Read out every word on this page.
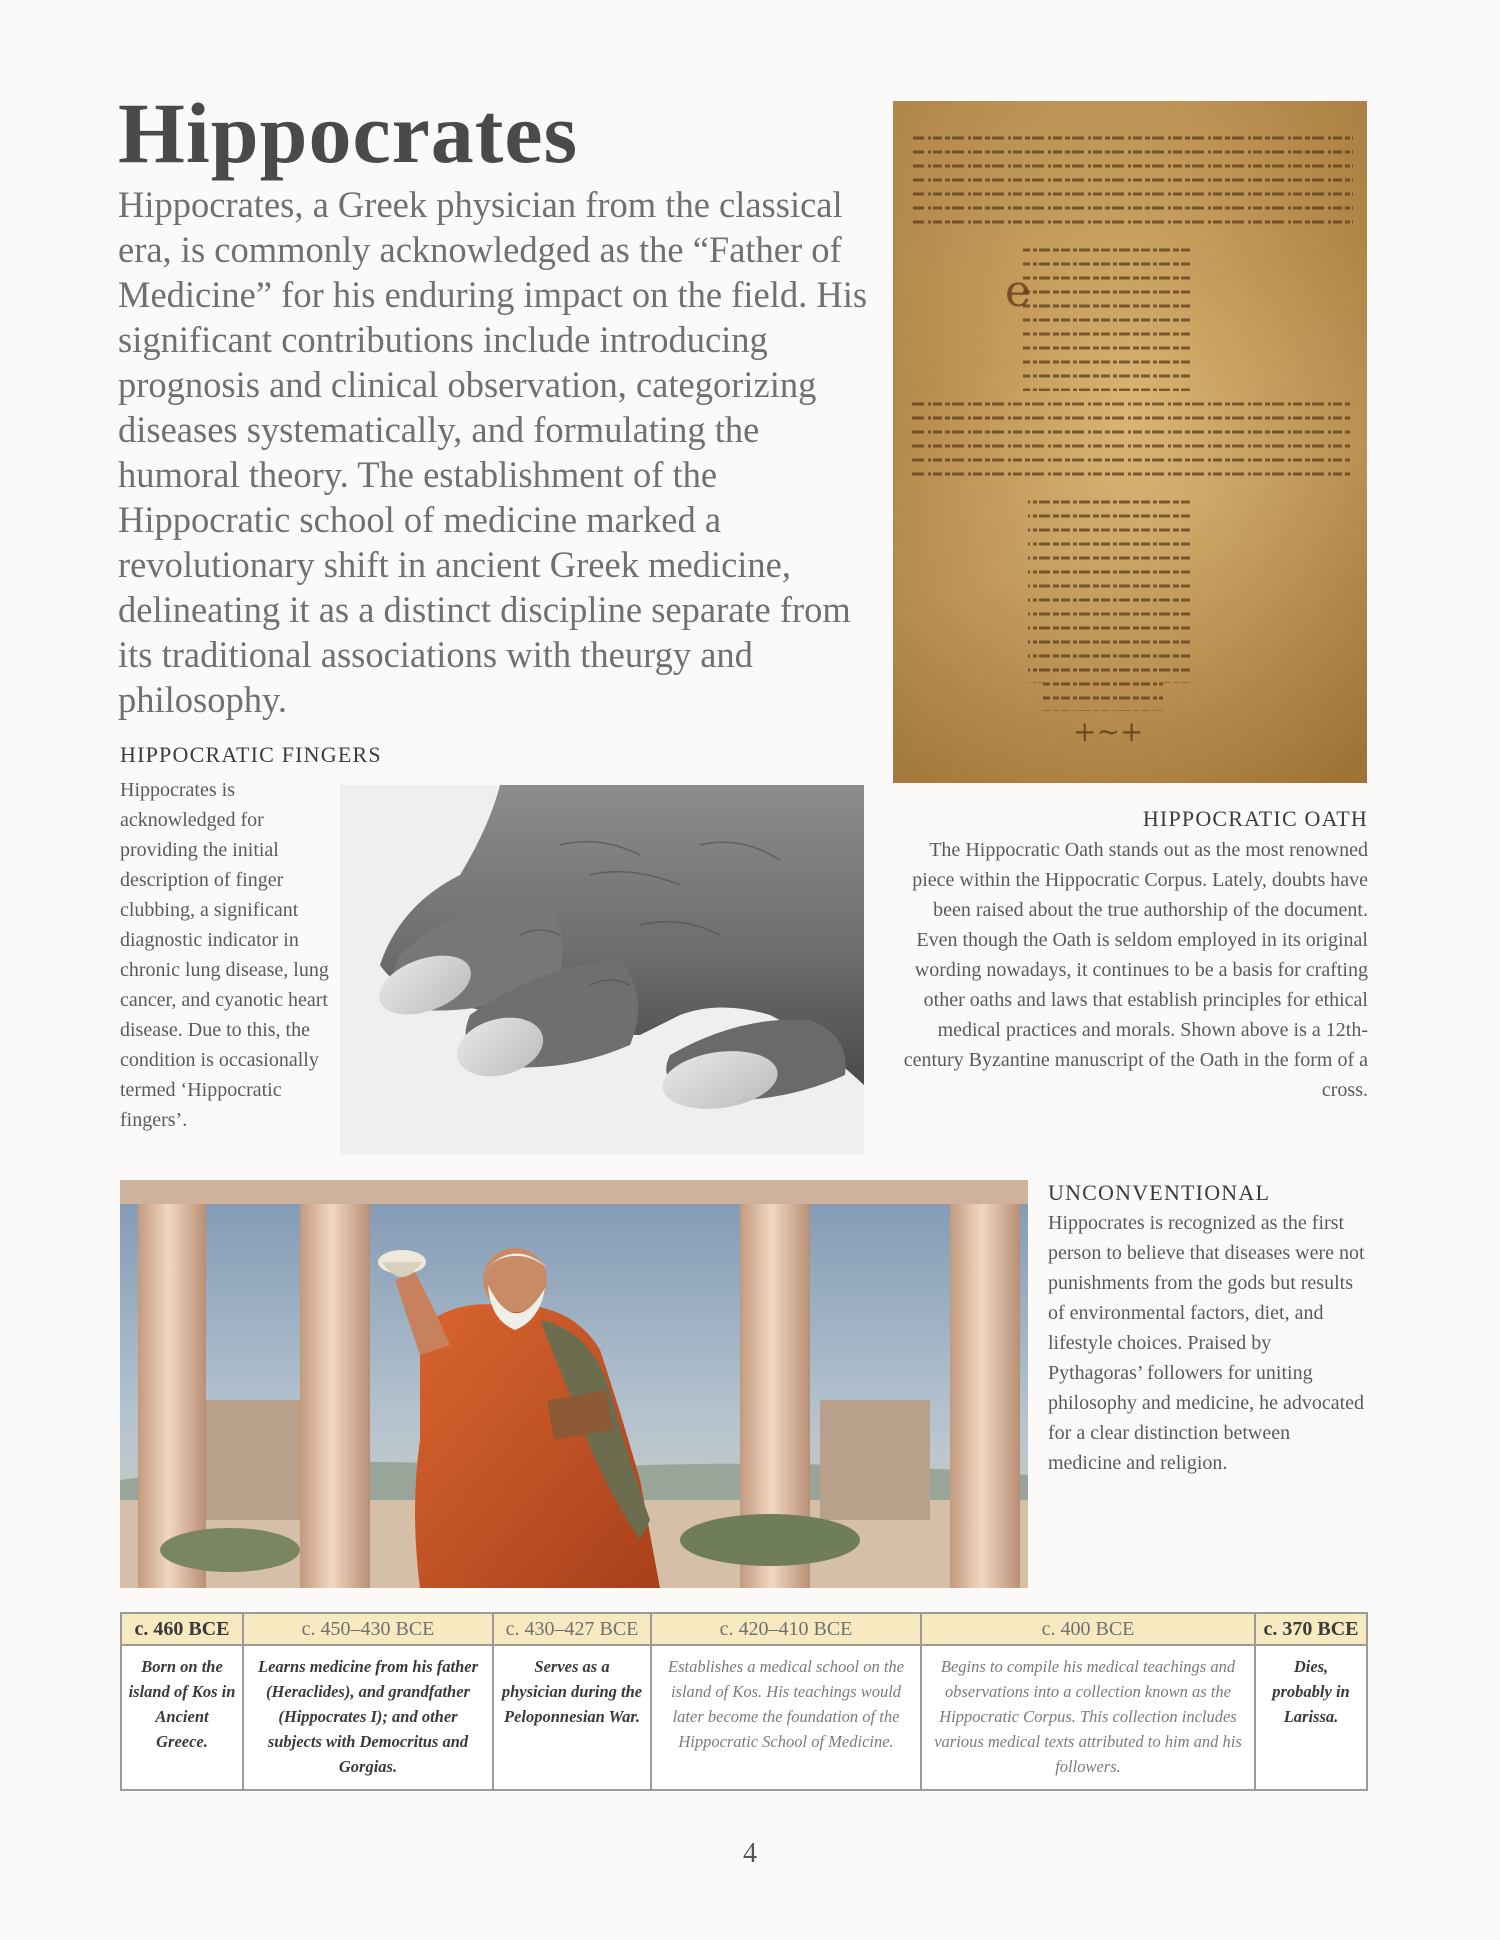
Hippocrates

Hippocrates, a Greek physician from the classical era, is commonly acknowledged as the “Father of Medicine” for his enduring impact on the field. His significant contributions include introducing prognosis and clinical observation, categorizing diseases systematically, and formulating the humoral theory. The establishment of the Hippocratic school of medicine marked a revolutionary shift in ancient Greek medicine, delineating it as a distinct discipline separate from its traditional associations with theurgy and philosophy.

e
+~+
HIPPOCRATIC FINGERS

Hippocrates is acknowledged for providing the initial description of finger clubbing, a significant diagnostic indicator in chronic lung disease, lung cancer, and cyanotic heart disease. Due to this, the condition is occasionally termed ‘Hippocratic fingers’.

HIPPOCRATIC OATH

The Hippocratic Oath stands out as the most renowned piece within the Hippocratic Corpus. Lately, doubts have been raised about the true authorship of the document. Even though the Oath is seldom employed in its original wording nowadays, it continues to be a basis for crafting other oaths and laws that establish principles for ethical medical practices and morals. Shown above is a 12th-century Byzantine manuscript of the Oath in the form of a cross.

UNCONVENTIONAL

Hippocrates is recognized as the first person to believe that diseases were not punishments from the gods but results of environmental factors, diet, and lifestyle choices. Praised by Pythagoras’ followers for uniting philosophy and medicine, he advocated for a clear distinction between medicine and religion.

c. 460 BCE	c. 450–430 BCE	c. 430–427 BCE	c. 420–410 BCE	c. 400 BCE	c. 370 BCE
Born on the island of Kos in Ancient Greece.	Learns medicine from his father (Heraclides), and grandfather (Hippocrates I); and other subjects with Democritus and Gorgias.	Serves as a physician during the Peloponnesian War.	Establishes a medical school on the island of Kos. His teachings would later become the foundation of the Hippocratic School of Medicine.	Begins to compile his medical teachings and observations into a collection known as the Hippocratic Corpus. This collection includes various medical texts attributed to him and his followers.	Dies, probably in Larissa.

4
